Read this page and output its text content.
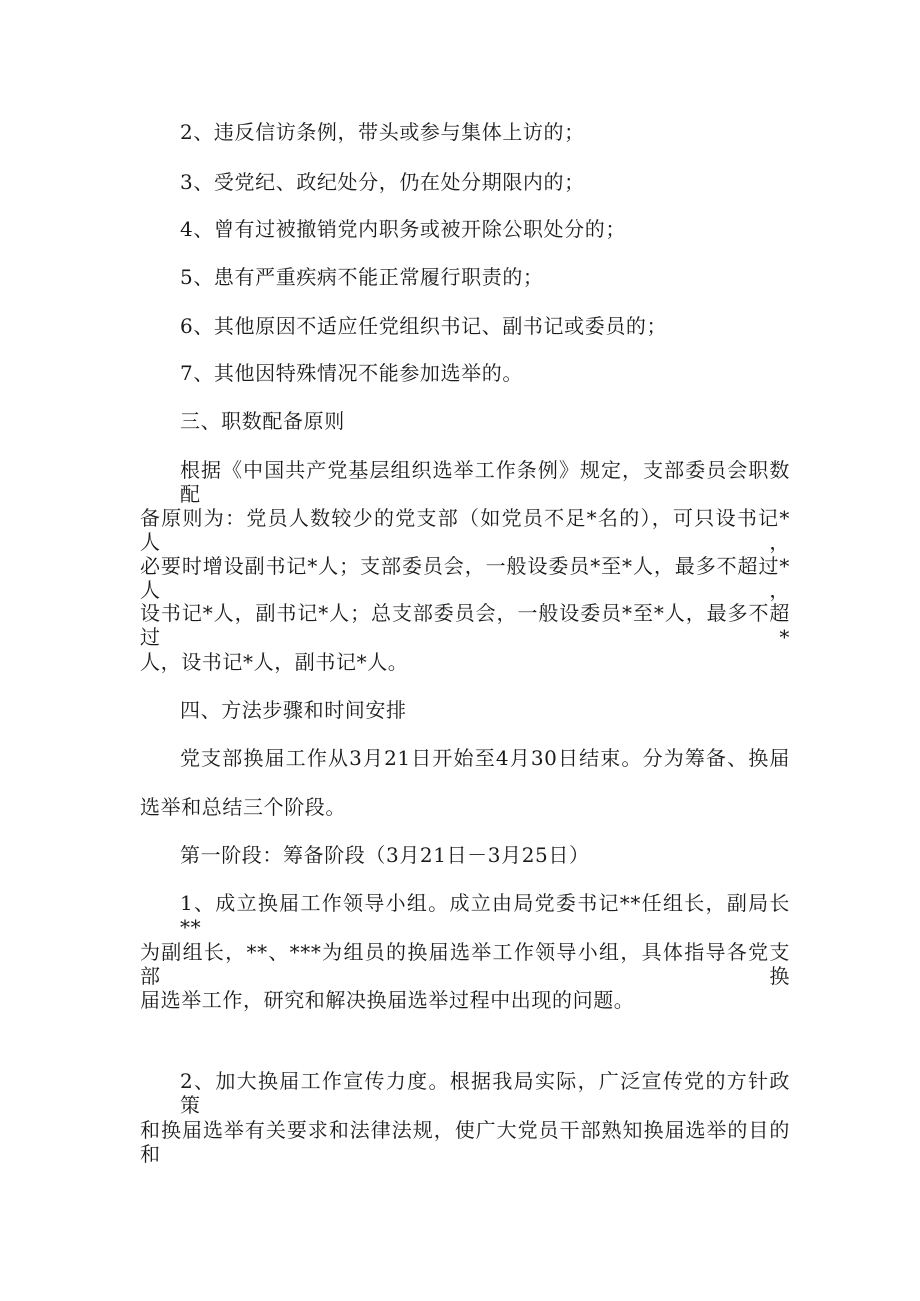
2、违反信访条例，带头或参与集体上访的；
3、受党纪、政纪处分，仍在处分期限内的；
4、曾有过被撤销党内职务或被开除公职处分的；
5、患有严重疾病不能正常履行职责的；
6、其他原因不适应任党组织书记、副书记或委员的；
7、其他因特殊情况不能参加选举的。
三、职数配备原则
根据《中国共产党基层组织选举工作条例》规定，支部委员会职数配
备原则为：党员人数较少的党支部（如党员不足*名的），可只设书记*人，
必要时增设副书记*人；支部委员会，一般设委员*至*人，最多不超过*人，
设书记*人，副书记*人；总支部委员会，一般设委员*至*人，最多不超过*
人，设书记*人，副书记*人。
四、方法步骤和时间安排
党支部换届工作从3月21日开始至4月30日结束。分为筹备、换届
选举和总结三个阶段。
第一阶段：筹备阶段（3月21日－3月25日）
1、成立换届工作领导小组。成立由局党委书记**任组长，副局长**
为副组长，**、***为组员的换届选举工作领导小组，具体指导各党支部换
届选举工作，研究和解决换届选举过程中出现的问题。
2、加大换届工作宣传力度。根据我局实际，广泛宣传党的方针政策
和换届选举有关要求和法律法规，使广大党员干部熟知换届选举的目的和
